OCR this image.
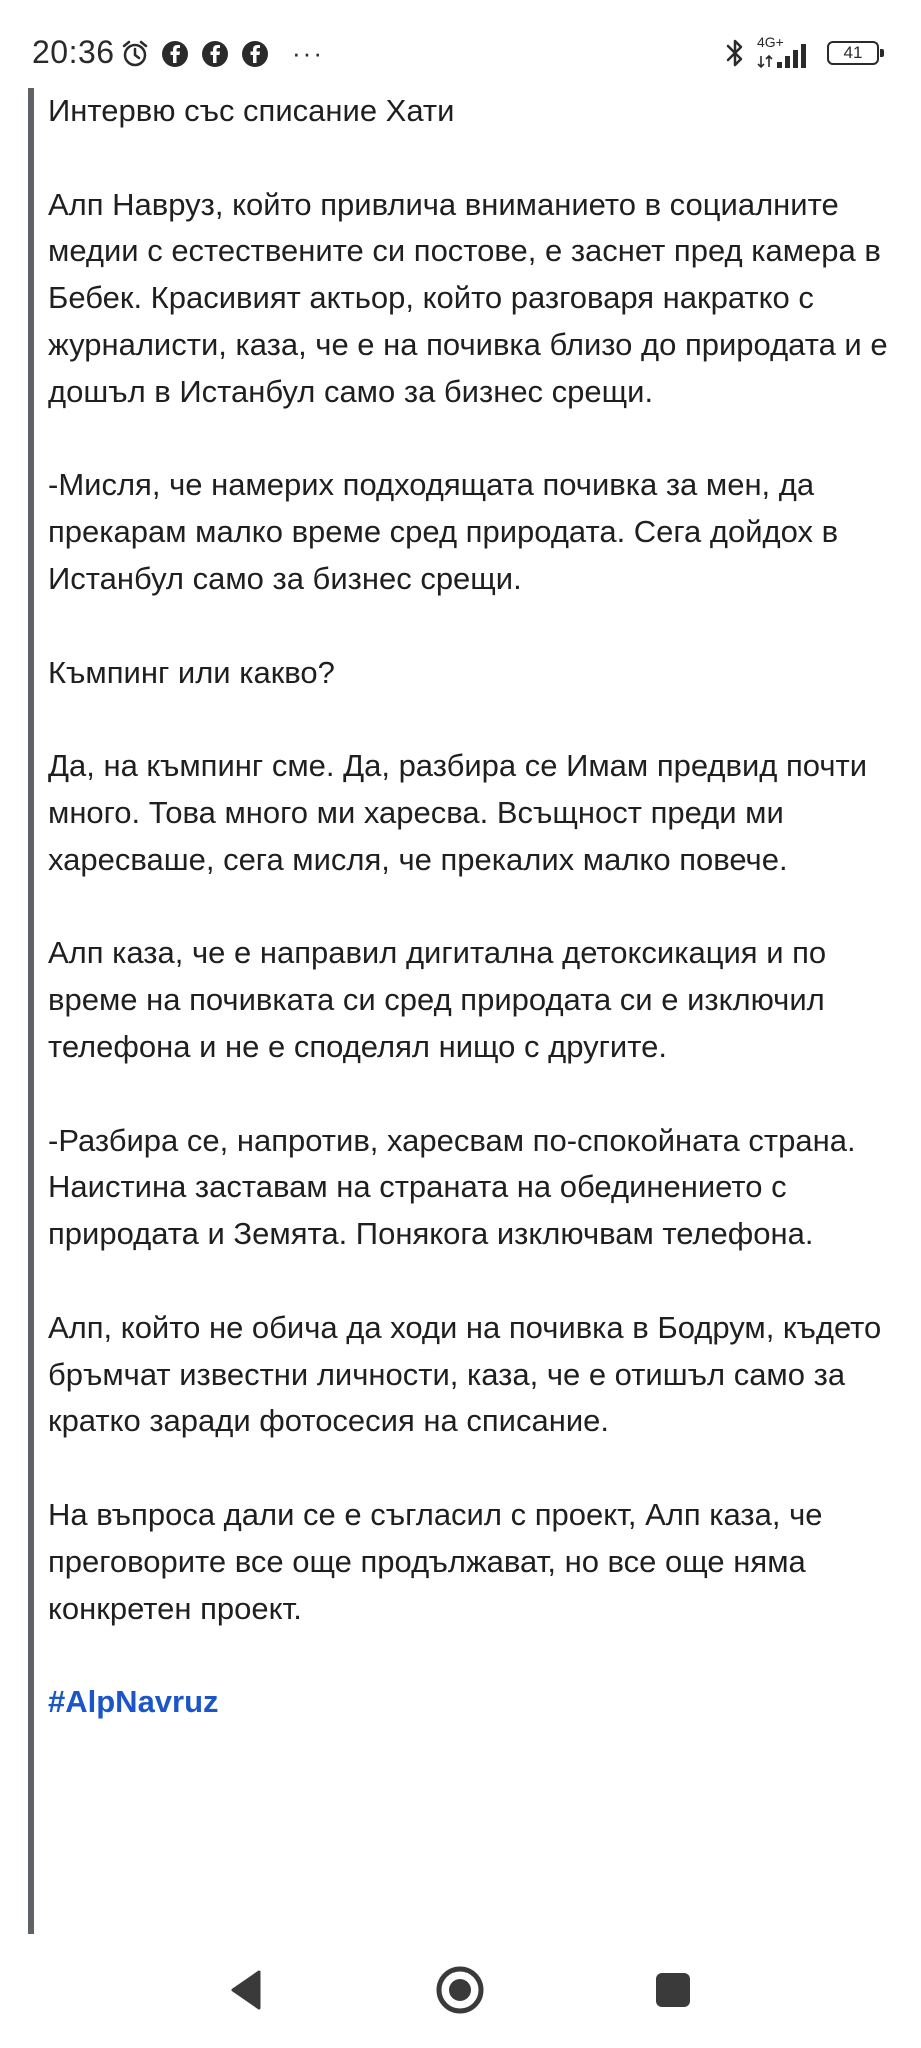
20:36	···	4G+
41

Интервю със списание Хати

Алп Навруз, който привлича вниманието в социалните медии с естествените си постове, е заснет пред камера в Бебек. Красивият актьор, който разговаря накратко с журналисти, каза, че е на почивка близо до природата и е дошъл в Истанбул само за бизнес срещи.

-Мисля, че намерих подходящата почивка за мен, да прекарам малко време сред природата. Сега дойдох в Истанбул само за бизнес срещи.

Къмпинг или какво?

Да, на къмпинг сме. Да, разбира се Имам предвид почти много. Това много ми харесва. Всъщност преди ми харесваше, сега мисля, че прекалих малко повече.

Алп каза, че е направил дигитална детоксикация и по време на почивката си сред природата си е изключил телефона и не е споделял нищо с другите.

-Разбира се, напротив, харесвам по-спокойната страна. Наистина заставам на страната на обединението с природата и Земята. Понякога изключвам телефона.

Алп, който не обича да ходи на почивка в Бодрум, където бръмчат известни личности, каза, че е отишъл само за кратко заради фотосесия на списание.

На въпроса дали се е съгласил с проект, Алп каза, че преговорите все още продължават, но все още няма конкретен проект.

#AlpNavruz
